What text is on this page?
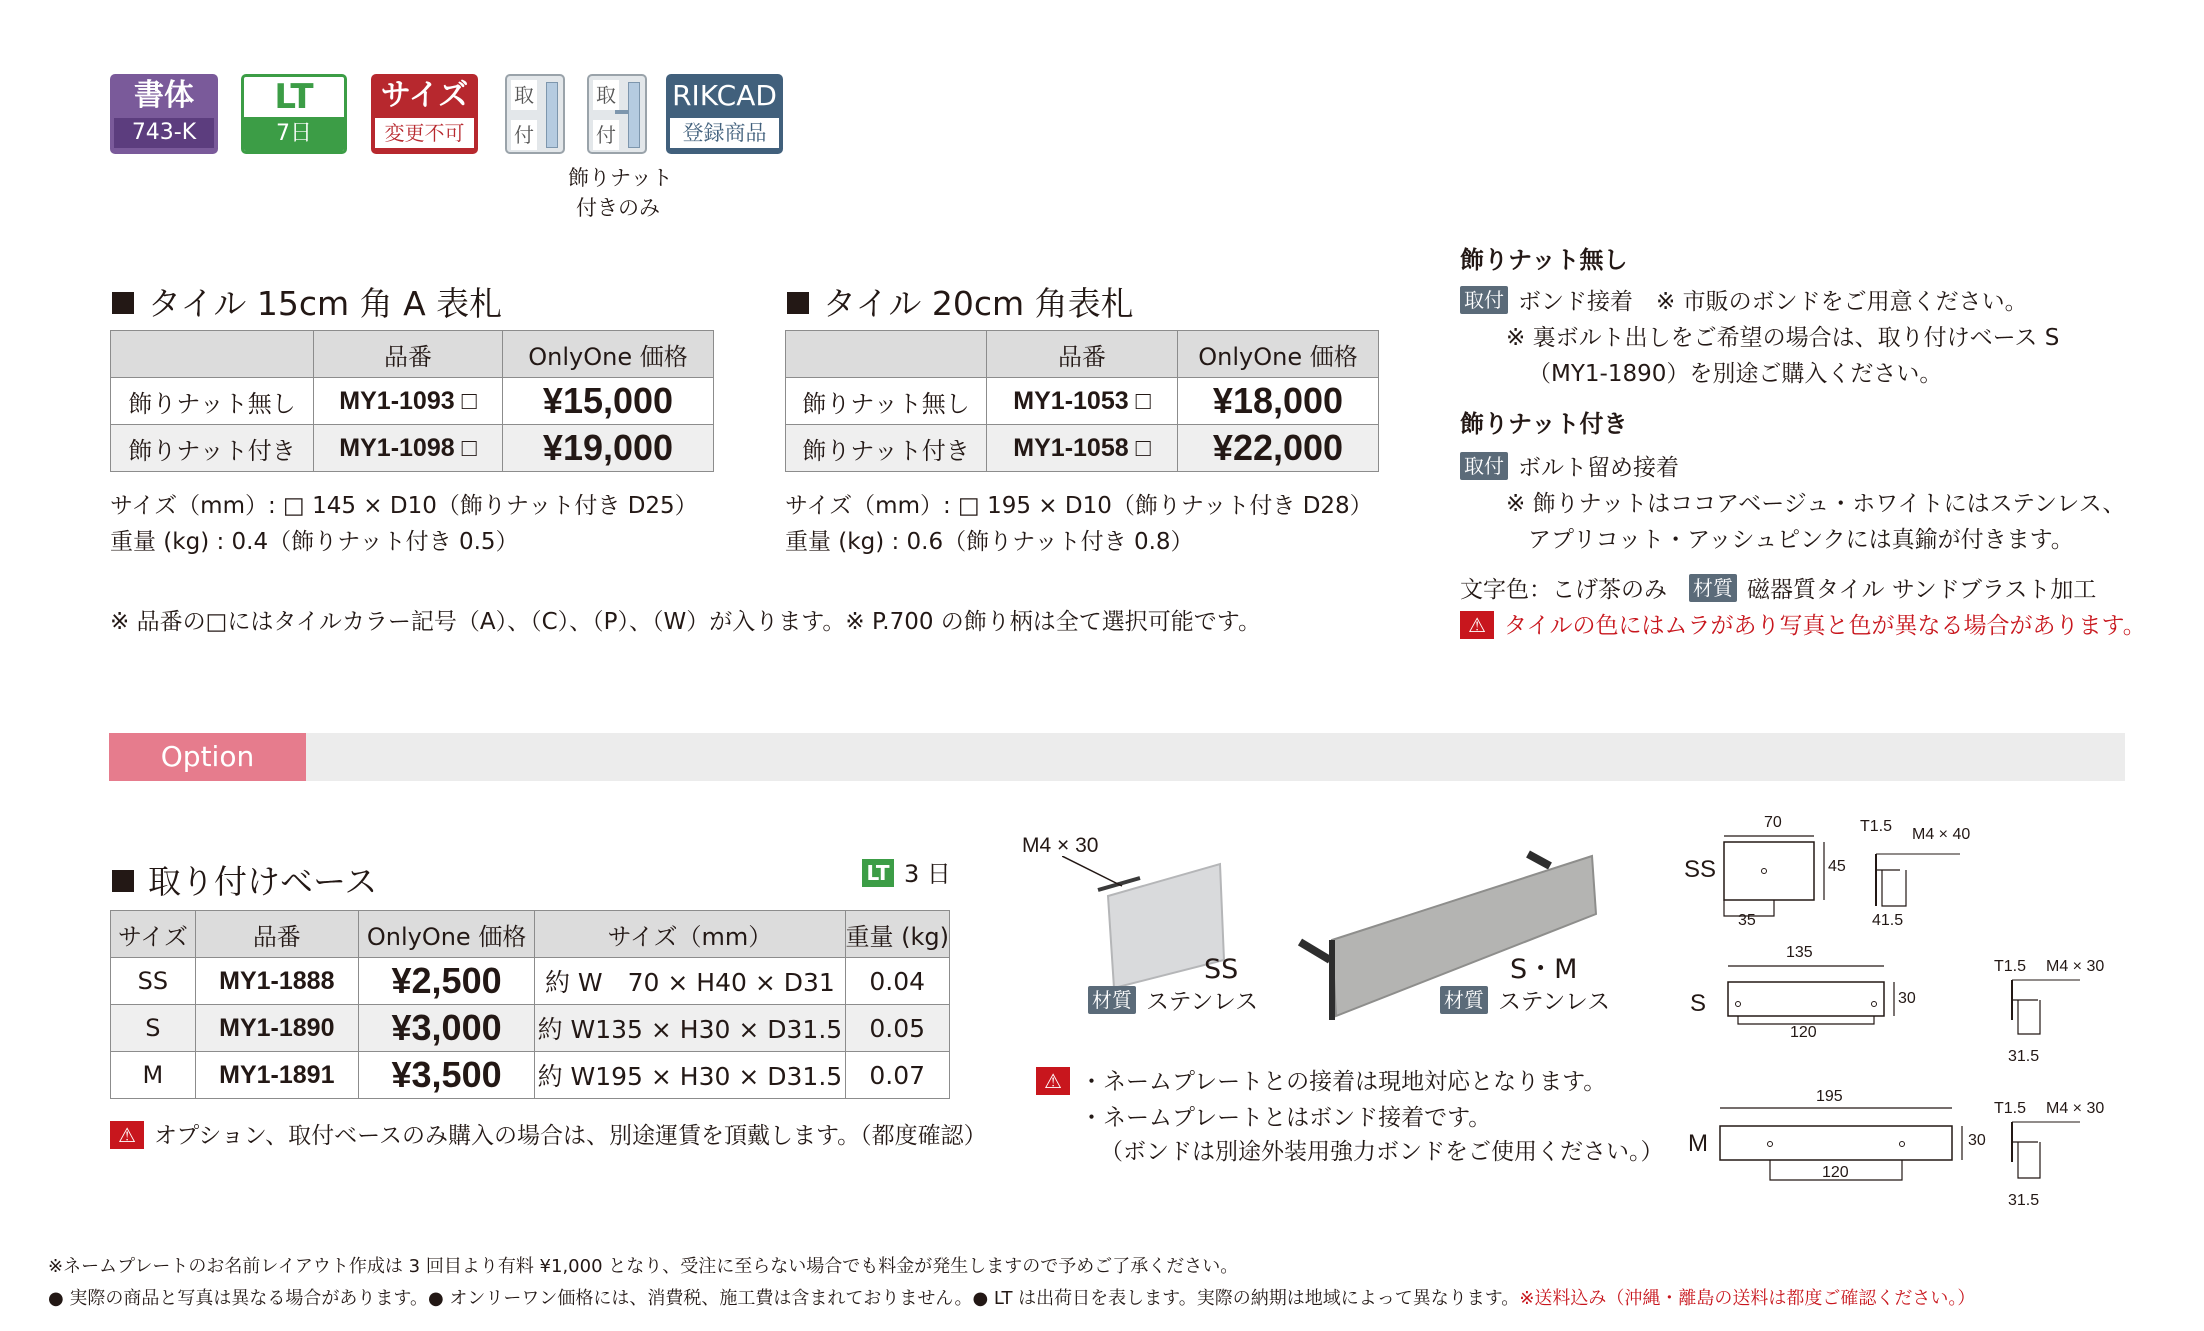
書体
743-K
LT
7日
サイズ
変更不可
取
付
取
付
RIKCAD
登録商品
飾りナット
付きのみ
タイル 15cm 角 A 表札
	品番	OnlyOne 価格
飾りナット無し	MY1-1093 □	¥15,000
飾りナット付き	MY1-1098 □	¥19,000
サイズ（mm）: □ 145 × D10（飾りナット付き D25）
重量 (kg) : 0.4（飾りナット付き 0.5）
タイル 20cm 角表札
	品番	OnlyOne 価格
飾りナット無し	MY1-1053 □	¥18,000
飾りナット付き	MY1-1058 □	¥22,000
サイズ（mm）: □ 195 × D10（飾りナット付き D28）
重量 (kg) : 0.6（飾りナット付き 0.8）
※ 品番の□にはタイルカラー記号（A）、（C）、（P）、（W）が入ります。※ P.700 の飾り柄は全て選択可能です。
飾りナット無し
取付 ボンド接着　※ 市販のボンドをご用意ください。
※ 裏ボルト出しをご希望の場合は、取り付けベース S
（MY1-1890）を別途ご購入ください。
飾りナット付き
取付 ボルト留め接着
※ 飾りナットはココアベージュ・ホワイトにはステンレス、
アプリコット・アッシュピンクには真鍮が付きます。
文字色：こげ茶のみ 材質 磁器質タイル サンドブラスト加工
⚠ タイルの色にはムラがあり写真と色が異なる場合があります。
Option
取り付けベース	LT 3 日
サイズ	品番	OnlyOne 価格	サイズ（mm）	重量 (kg)
SS	MY1-1888	¥2,500	約 W　70 × H40 × D31	0.04
S	MY1-1890	¥3,000	約 W135 × H30 × D31.5	0.05
M	MY1-1891	¥3,500	約 W195 × H30 × D31.5	0.07
⚠ オプション、取付ベースのみ購入の場合は、別途運賃を頂戴します。（都度確認）
M4 × 30
SS
材質 ステンレス
S・M
材質 ステンレス
⚠ ・ネームプレートとの接着は現地対応となります。
・ネームプレートとはボンド接着です。
（ボンドは別途外装用強力ボンドをご使用ください。）
SS
70
45
35
T1.5 M4 × 40
41.5
S
135
30
120
T1.5 M4 × 30
31.5
M
195
30
120
T1.5 M4 × 30
31.5
※ネームプレートのお名前レイアウト作成は 3 回目より有料 ¥1,000 となり、受注に至らない場合でも料金が発生しますので予めご了承ください。
● 実際の商品と写真は異なる場合があります。● オンリーワン価格には、消費税、施工費は含まれておりません。● LT は出荷日を表します。実際の納期は地域によって異なります。※送料込み（沖縄・離島の送料は都度ご確認ください。）
